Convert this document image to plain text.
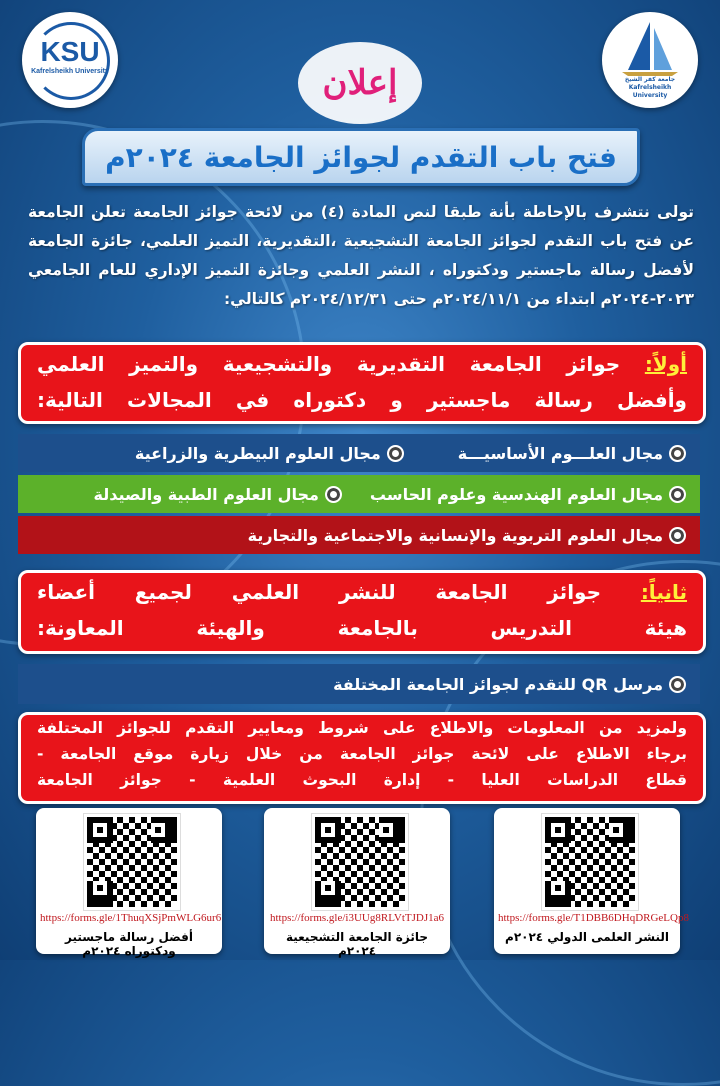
KSU
Kafrelsheikh University
جامعة كفر الشيخ Kafrelsheikh University
إعلان
فتح باب التقدم لجوائز الجامعة ٢٠٢٤م
تولى نتشرف بالإحاطة بأنة طبقا لنص المادة (٤) من لائحة جوائز الجامعة تعلن الجامعة عن فتح باب التقدم لجوائز الجامعة التشجيعية ،التقديرية، التميز العلمي، جائزة الجامعة لأفضل رسالة ماجستير ودكتوراه ، النشر العلمي وجائزة التميز الإداري للعام الجامعي ٢٠٢٣-٢٠٢٤م ابتداء من ٢٠٢٤/١١/١م حتى ٢٠٢٤/١٢/٣١م كالتالي:
أولاً: جوائز الجامعة التقديرية والتشجيعية والتميز العلمي
وأفضل رسالة ماجستير و دكتوراه في المجالات التالية:
مجال العلـــوم الأساسيـــة
مجال العلوم البيطرية والزراعية
مجال العلوم الهندسية وعلوم الحاسب
مجال العلوم الطبية والصيدلة
مجال العلوم التربوية والإنسانية والاجتماعية والتجارية
ثانياً: جوائز الجامعة للنشر العلمي لجميع أعضاء
هيئة التدريس بالجامعة والهيئة المعاونة:
مرسل QR للتقدم لجوائز الجامعة المختلفة
ولمزيد من المعلومات والاطلاع على شروط ومعايير التقدم للجوائز المختلفة
برجاء الاطلاع على لائحة جوائز الجامعة من خلال زيارة موقع الجامعة -
قطاع الدراسات العليا - إدارة البحوث العلمية - جوائز الجامعة
https://forms.gle/1ThuqXSjPmWLG6ur6
أفضل رسالة ماجستير ودكتوراه ٢٠٢٤م
https://forms.gle/i3UUg8RLVtTJDJ1a6
جائزة الجامعة التشجيعية ٢٠٢٤م
https://forms.gle/T1DBB6DHqDRGeLQp8
النشر العلمى الدولي ٢٠٢٤م
